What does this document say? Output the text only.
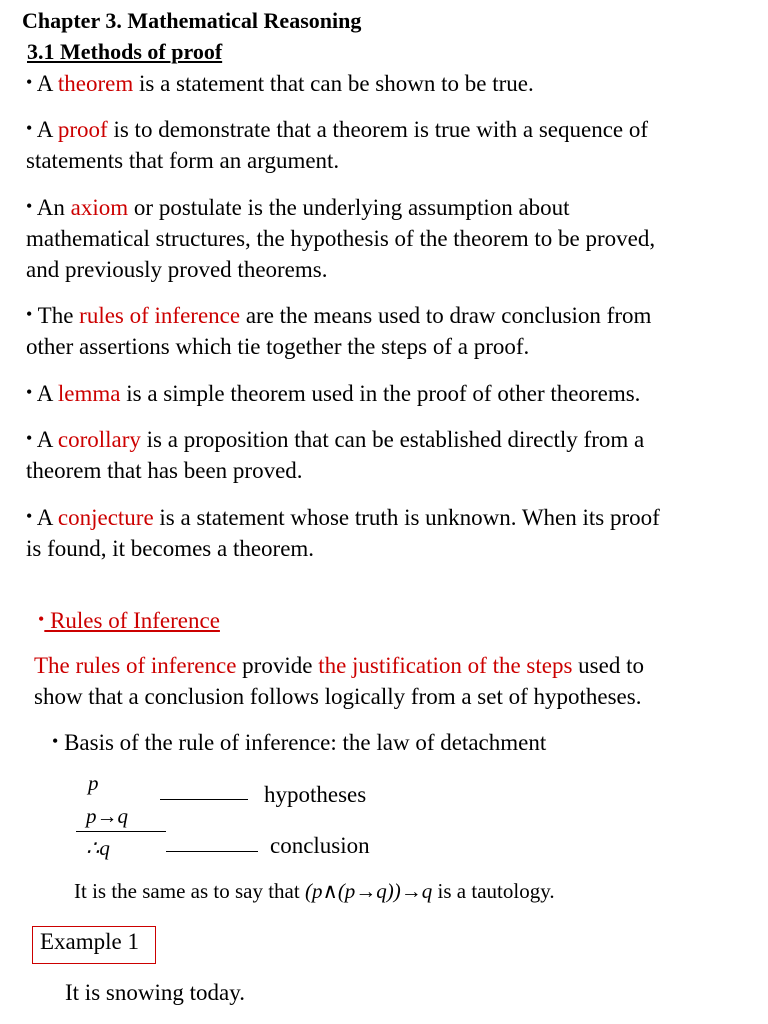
Chapter 3. Mathematical Reasoning
3.1 Methods of proof
• A theorem is a statement that can be shown to be true.
• A proof is to demonstrate that a theorem is true with a sequence of
statements that form an argument.
• An axiom or postulate is the underlying assumption about
mathematical structures, the hypothesis of the theorem to be proved,
and previously proved theorems.
• The rules of inference are the means used to draw conclusion from
other assertions which tie together the steps of a proof.
• A lemma is a simple theorem used in the proof of other theorems.
• A corollary is a proposition that can be established directly from a
theorem that has been proved.
• A conjecture is a statement whose truth is unknown. When its proof
is found, it becomes a theorem.
• Rules of Inference
The rules of inference provide the justification of the steps used to
show that a conclusion follows logically from a set of hypotheses.
• Basis of the rule of inference: the law of detachment
p	hypotheses
p→q
∴q	conclusion
It is the same as to say that (p∧(p→q))→q is a tautology.
Example 1
It is snowing today.
